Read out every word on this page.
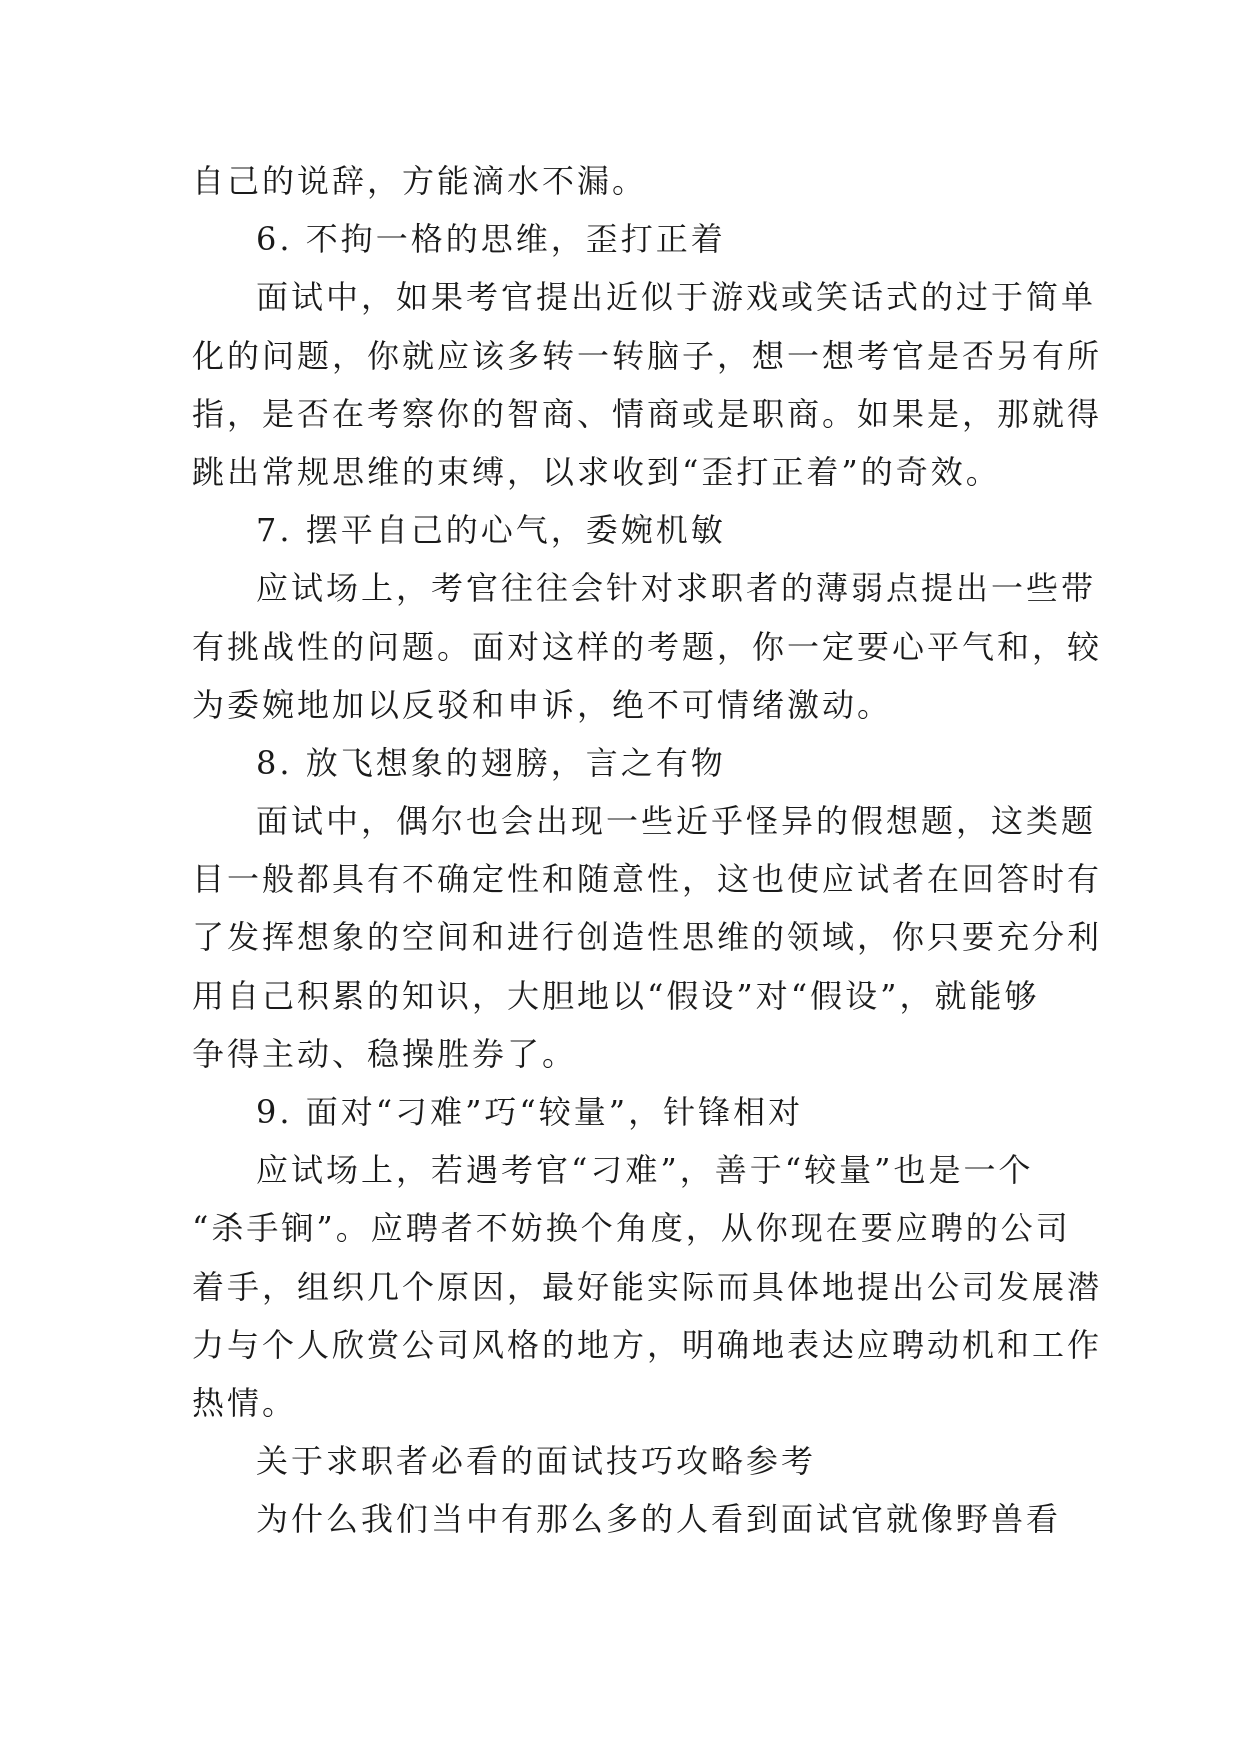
自己的说辞，方能滴水不漏。
6. 不拘一格的思维，歪打正着
面试中，如果考官提出近似于游戏或笑话式的过于简单
化的问题，你就应该多转一转脑子，想一想考官是否另有所
指，是否在考察你的智商、情商或是职商。如果是，那就得
跳出常规思维的束缚，以求收到“歪打正着”的奇效。
7. 摆平自己的心气，委婉机敏
应试场上，考官往往会针对求职者的薄弱点提出一些带
有挑战性的问题。面对这样的考题，你一定要心平气和，较
为委婉地加以反驳和申诉，绝不可情绪激动。
8. 放飞想象的翅膀，言之有物
面试中，偶尔也会出现一些近乎怪异的假想题，这类题
目一般都具有不确定性和随意性，这也使应试者在回答时有
了发挥想象的空间和进行创造性思维的领域，你只要充分利
用自己积累的知识，大胆地以“假设”对“假设”，就能够
争得主动、稳操胜券了。
9. 面对“刁难”巧“较量”，针锋相对
应试场上，若遇考官“刁难”，善于“较量”也是一个
“杀手锏”。应聘者不妨换个角度，从你现在要应聘的公司
着手，组织几个原因，最好能实际而具体地提出公司发展潜
力与个人欣赏公司风格的地方，明确地表达应聘动机和工作
热情。
关于求职者必看的面试技巧攻略参考
为什么我们当中有那么多的人看到面试官就像野兽看
